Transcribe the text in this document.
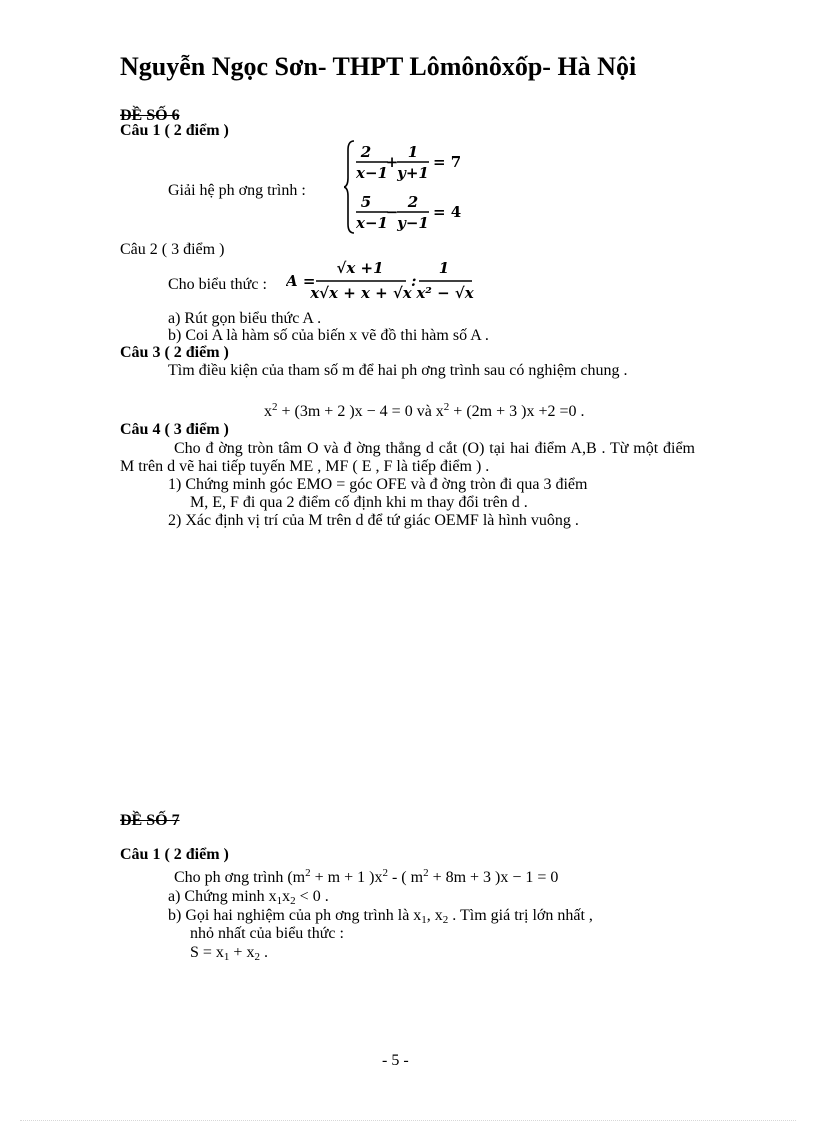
Nguyễn Ngọc Sơn- THPT Lômônôxốp- Hà Nội
ĐỀ SỐ 6
Câu 1 ( 2 điểm )
Giải hệ ph ơng trình :
2
x−1
+
1
y+1
= 7
5
x−1
−
2
y−1
= 4
Câu 2 ( 3 điểm )
Cho biểu thức : A =
√x +1
x√x + x + √x
:
1
x² − √x
a) Rút gọn biểu thức A .
b) Coi A là hàm số của biến x vẽ đồ thi hàm số A .
Câu 3 ( 2 điểm )
Tìm điều kiện của tham số m để hai ph ơng trình sau có nghiệm chung .
$x^2 + (3m + 2$ )x − 4 = 0 và $x^2 + (2m + 3$ )x +2 =0 .
Câu 4 ( 3 điểm )
Cho đ ờng tròn tâm O và đ ờng thẳng d cắt (O) tại hai điểm A,B . Từ một điểm M trên d vẽ hai tiếp tuyến ME , MF ( E , F là tiếp điểm ) .
1) Chứng minh góc EMO = góc OFE và đ ờng tròn đi qua 3 điểm
M, E, F đi qua 2 điểm cố định khi m thay đổi trên d .
2) Xác định vị trí của M trên d để tứ giác OEMF là hình vuông .
ĐỀ SỐ 7
Câu 1 ( 2 điểm )
Cho ph ơng trình ($m^2 + m + 1$ )$x^2$ - ( $m^2 + 8m + 3$ )x − 1 = 0
a) Chứng minh $x_1x_2 < 0$ .
b) Gọi hai nghiệm của ph ơng trình là $x_1$, $x_2$ . Tìm giá trị lớn nhất ,
nhỏ nhất của biểu thức :
$S = x_1 + x_2$ .
- 5 -
